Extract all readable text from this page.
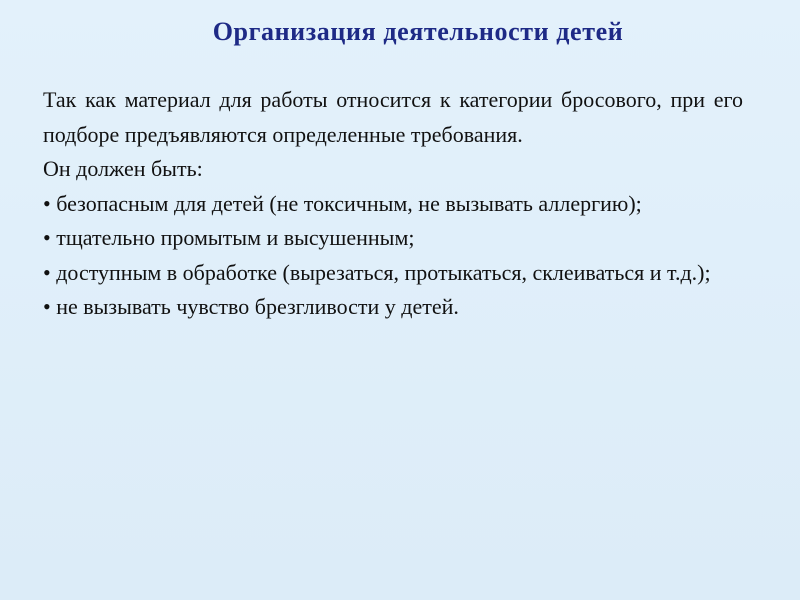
Организация деятельности детей

Так как материал для работы относится к категории бросового, при его подборе предъявляются определенные требования.

Он должен быть:

• безопасным для детей (не токсичным, не вызывать аллергию);

• тщательно промытым и высушенным;

• доступным в обработке (вырезаться, протыкаться, склеиваться и т.д.);

• не вызывать чувство брезгливости у детей.
